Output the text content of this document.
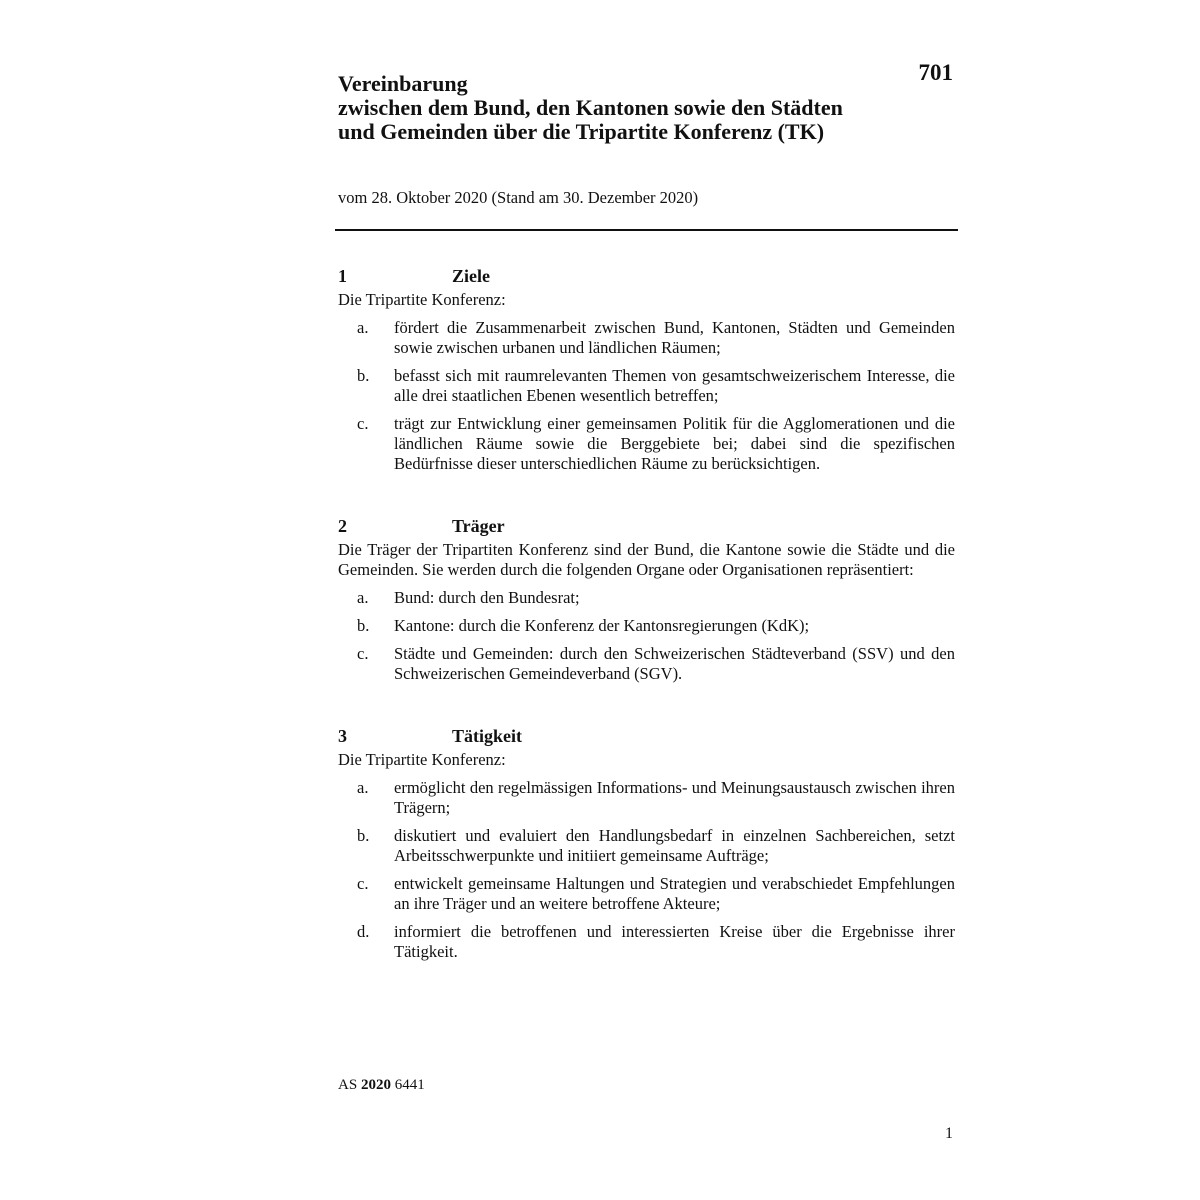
701
Vereinbarung
zwischen dem Bund, den Kantonen sowie den Städten
und Gemeinden über die Tripartite Konferenz (TK)
vom 28. Oktober 2020 (Stand am 30. Dezember 2020)
1	Ziele

Die Tripartite Konferenz:

a.	fördert die Zusammenarbeit zwischen Bund, Kantonen, Städten und Gemeinden sowie zwischen urbanen und ländlichen Räumen;
b.	befasst sich mit raumrelevanten Themen von gesamtschweizerischem Interesse, die alle drei staatlichen Ebenen wesentlich betreffen;
c.	trägt zur Entwicklung einer gemeinsamen Politik für die Agglomerationen und die ländlichen Räume sowie die Berggebiete bei; dabei sind die spezifischen Bedürfnisse dieser unterschiedlichen Räume zu berücksichtigen.
2	Träger

Die Träger der Tripartiten Konferenz sind der Bund, die Kantone sowie die Städte und die Gemeinden. Sie werden durch die folgenden Organe oder Organisationen repräsentiert:

a.	Bund: durch den Bundesrat;
b.	Kantone: durch die Konferenz der Kantonsregierungen (KdK);
c.	Städte und Gemeinden: durch den Schweizerischen Städteverband (SSV) und den Schweizerischen Gemeindeverband (SGV).
3	Tätigkeit

Die Tripartite Konferenz:

a.	ermöglicht den regelmässigen Informations- und Meinungsaustausch zwischen ihren Trägern;
b.	diskutiert und evaluiert den Handlungsbedarf in einzelnen Sachbereichen, setzt Arbeitsschwerpunkte und initiiert gemeinsame Aufträge;
c.	entwickelt gemeinsame Haltungen und Strategien und verabschiedet Empfehlungen an ihre Träger und an weitere betroffene Akteure;
d.	informiert die betroffenen und interessierten Kreise über die Ergebnisse ihrer Tätigkeit.
AS 2020 6441
1
